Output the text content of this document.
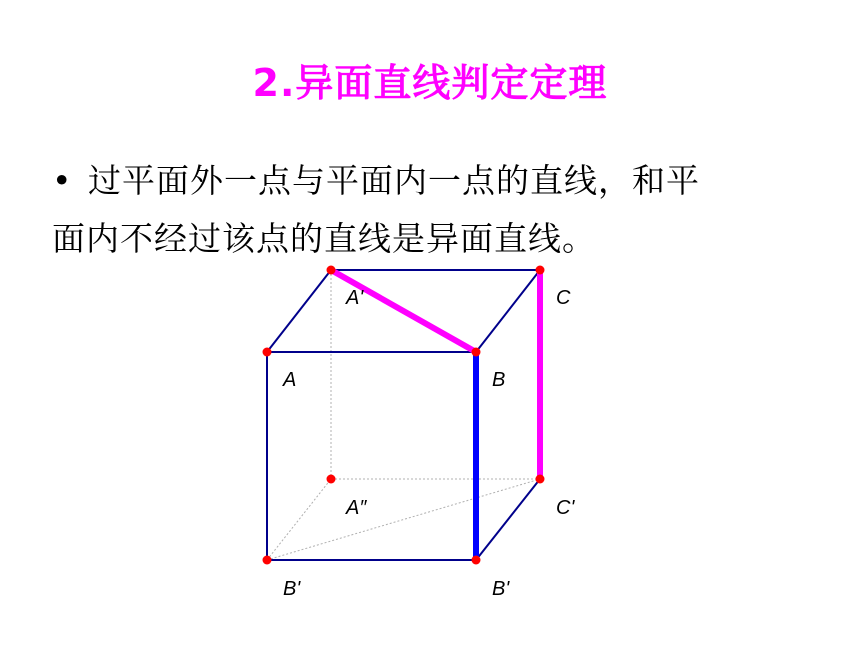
2.异面直线判定定理
• 过平面外一点与平面内一点的直线，和平
面内不经过该点的直线是异面直线。
A'	C
A	B
A″	C'
B'	B'
